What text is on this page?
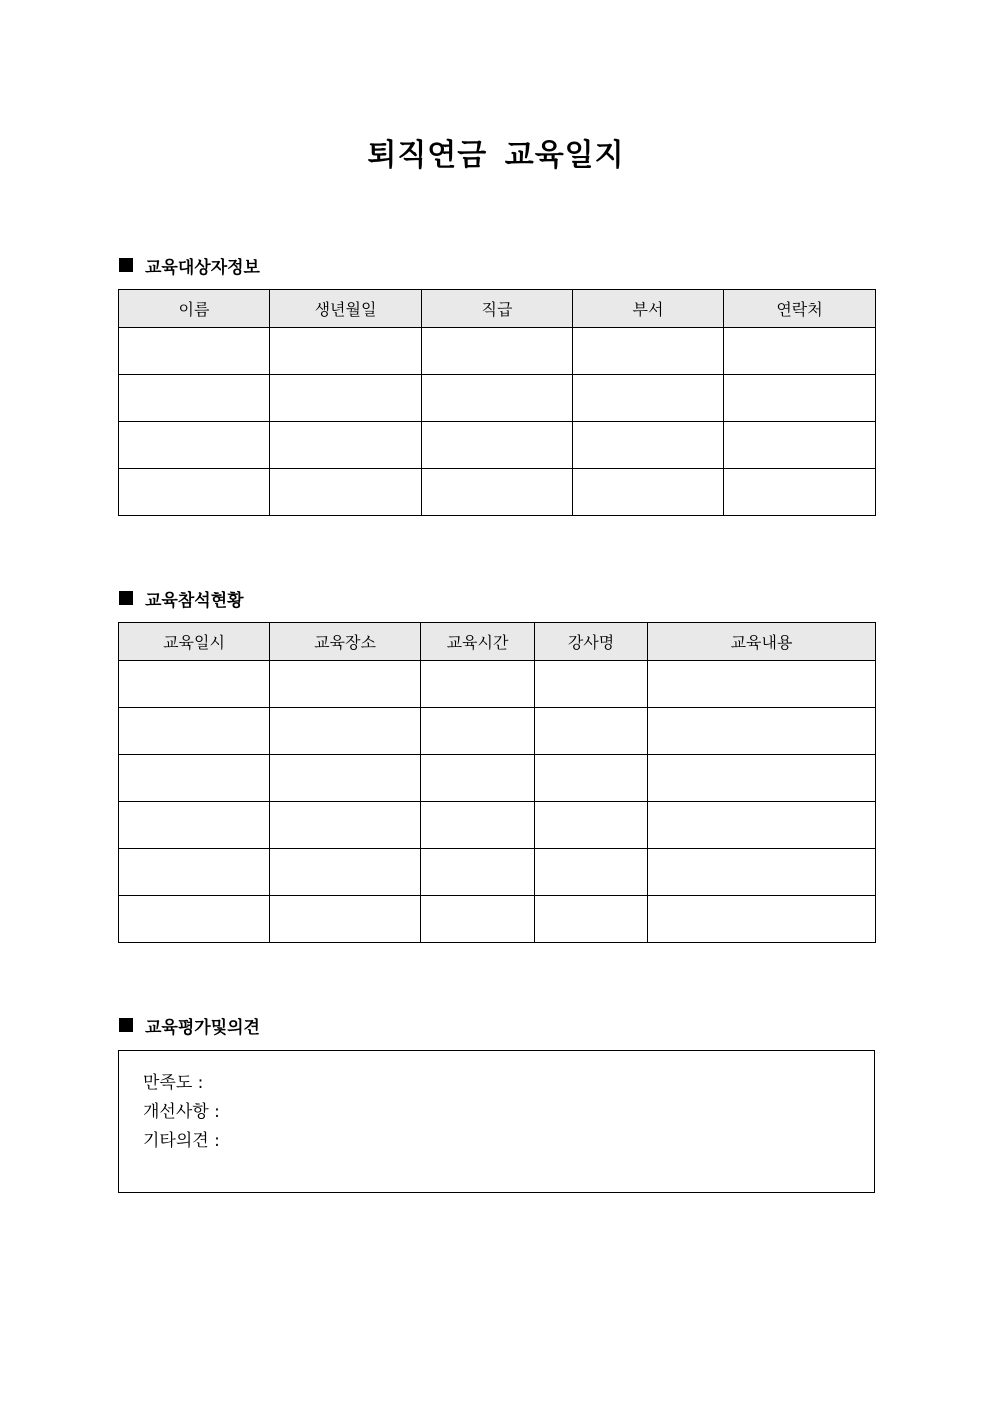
퇴직연금 교육일지
교육대상자정보
이름	생년월일	직급	부서	연락처

교육참석현황
교육일시	교육장소	교육시간	강사명	교육내용

교육평가및의견
만족도 :
개선사항 :
기타의견 :
